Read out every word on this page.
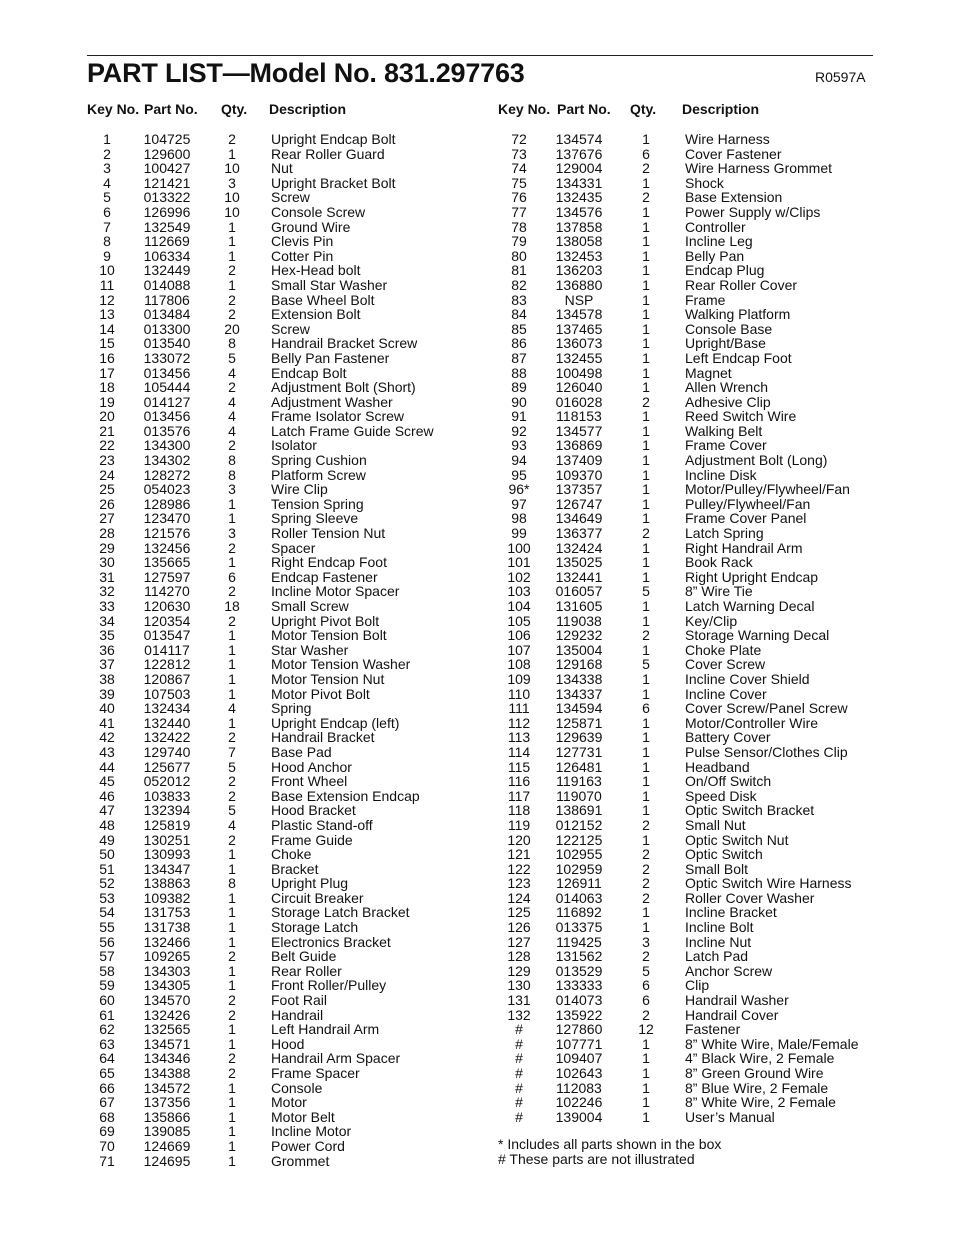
PART LIST—Model No. 831.297763	R0597A
Key No. Part No. Qty. Description
1	104725	2	Upright Endcap Bolt
2	129600	1	Rear Roller Guard
3	100427	10	Nut
4	121421	3	Upright Bracket Bolt
5	013322	10	Screw
6	126996	10	Console Screw
7	132549	1	Ground Wire
8	112669	1	Clevis Pin
9	106334	1	Cotter Pin
10	132449	2	Hex-Head bolt
11	014088	1	Small Star Washer
12	117806	2	Base Wheel Bolt
13	013484	2	Extension Bolt
14	013300	20	Screw
15	013540	8	Handrail Bracket Screw
16	133072	5	Belly Pan Fastener
17	013456	4	Endcap Bolt
18	105444	2	Adjustment Bolt (Short)
19	014127	4	Adjustment Washer
20	013456	4	Frame Isolator Screw
21	013576	4	Latch Frame Guide Screw
22	134300	2	Isolator
23	134302	8	Spring Cushion
24	128272	8	Platform Screw
25	054023	3	Wire Clip
26	128986	1	Tension Spring
27	123470	1	Spring Sleeve
28	121576	3	Roller Tension Nut
29	132456	2	Spacer
30	135665	1	Right Endcap Foot
31	127597	6	Endcap Fastener
32	114270	2	Incline Motor Spacer
33	120630	18	Small Screw
34	120354	2	Upright Pivot Bolt
35	013547	1	Motor Tension Bolt
36	014117	1	Star Washer
37	122812	1	Motor Tension Washer
38	120867	1	Motor Tension Nut
39	107503	1	Motor Pivot Bolt
40	132434	4	Spring
41	132440	1	Upright Endcap (left)
42	132422	2	Handrail Bracket
43	129740	7	Base Pad
44	125677	5	Hood Anchor
45	052012	2	Front Wheel
46	103833	2	Base Extension Endcap
47	132394	5	Hood Bracket
48	125819	4	Plastic Stand-off
49	130251	2	Frame Guide
50	130993	1	Choke
51	134347	1	Bracket
52	138863	8	Upright Plug
53	109382	1	Circuit Breaker
54	131753	1	Storage Latch Bracket
55	131738	1	Storage Latch
56	132466	1	Electronics Bracket
57	109265	2	Belt Guide
58	134303	1	Rear Roller
59	134305	1	Front Roller/Pulley
60	134570	2	Foot Rail
61	132426	2	Handrail
62	132565	1	Left Handrail Arm
63	134571	1	Hood
64	134346	2	Handrail Arm Spacer
65	134388	2	Frame Spacer
66	134572	1	Console
67	137356	1	Motor
68	135866	1	Motor Belt
69	139085	1	Incline Motor
70	124669	1	Power Cord
71	124695	1	Grommet
Key No. Part No. Qty. Description
72	134574	1	Wire Harness
73	137676	6	Cover Fastener
74	129004	2	Wire Harness Grommet
75	134331	1	Shock
76	132435	2	Base Extension
77	134576	1	Power Supply w/Clips
78	137858	1	Controller
79	138058	1	Incline Leg
80	132453	1	Belly Pan
81	136203	1	Endcap Plug
82	136880	1	Rear Roller Cover
83	NSP	1	Frame
84	134578	1	Walking Platform
85	137465	1	Console Base
86	136073	1	Upright/Base
87	132455	1	Left Endcap Foot
88	100498	1	Magnet
89	126040	1	Allen Wrench
90	016028	2	Adhesive Clip
91	118153	1	Reed Switch Wire
92	134577	1	Walking Belt
93	136869	1	Frame Cover
94	137409	1	Adjustment Bolt (Long)
95	109370	1	Incline Disk
96*	137357	1	Motor/Pulley/Flywheel/Fan
97	126747	1	Pulley/Flywheel/Fan
98	134649	1	Frame Cover Panel
99	136377	2	Latch Spring
100	132424	1	Right Handrail Arm
101	135025	1	Book Rack
102	132441	1	Right Upright Endcap
103	016057	5	8” Wire Tie
104	131605	1	Latch Warning Decal
105	119038	1	Key/Clip
106	129232	2	Storage Warning Decal
107	135004	1	Choke Plate
108	129168	5	Cover Screw
109	134338	1	Incline Cover Shield
110	134337	1	Incline Cover
111	134594	6	Cover Screw/Panel Screw
112	125871	1	Motor/Controller Wire
113	129639	1	Battery Cover
114	127731	1	Pulse Sensor/Clothes Clip
115	126481	1	Headband
116	119163	1	On/Off Switch
117	119070	1	Speed Disk
118	138691	1	Optic Switch Bracket
119	012152	2	Small Nut
120	122125	1	Optic Switch Nut
121	102955	2	Optic Switch
122	102959	2	Small Bolt
123	126911	2	Optic Switch Wire Harness
124	014063	2	Roller Cover Washer
125	116892	1	Incline Bracket
126	013375	1	Incline Bolt
127	119425	3	Incline Nut
128	131562	2	Latch Pad
129	013529	5	Anchor Screw
130	133333	6	Clip
131	014073	6	Handrail Washer
132	135922	2	Handrail Cover
#	127860	12	Fastener
#	107771	1	8” White Wire, Male/Female
#	109407	1	4” Black Wire, 2 Female
#	102643	1	8” Green Ground Wire
#	112083	1	8” Blue Wire, 2 Female
#	102246	1	8” White Wire, 2 Female
#	139004	1	User’s Manual
* Includes all parts shown in the box
# These parts are not illustrated
